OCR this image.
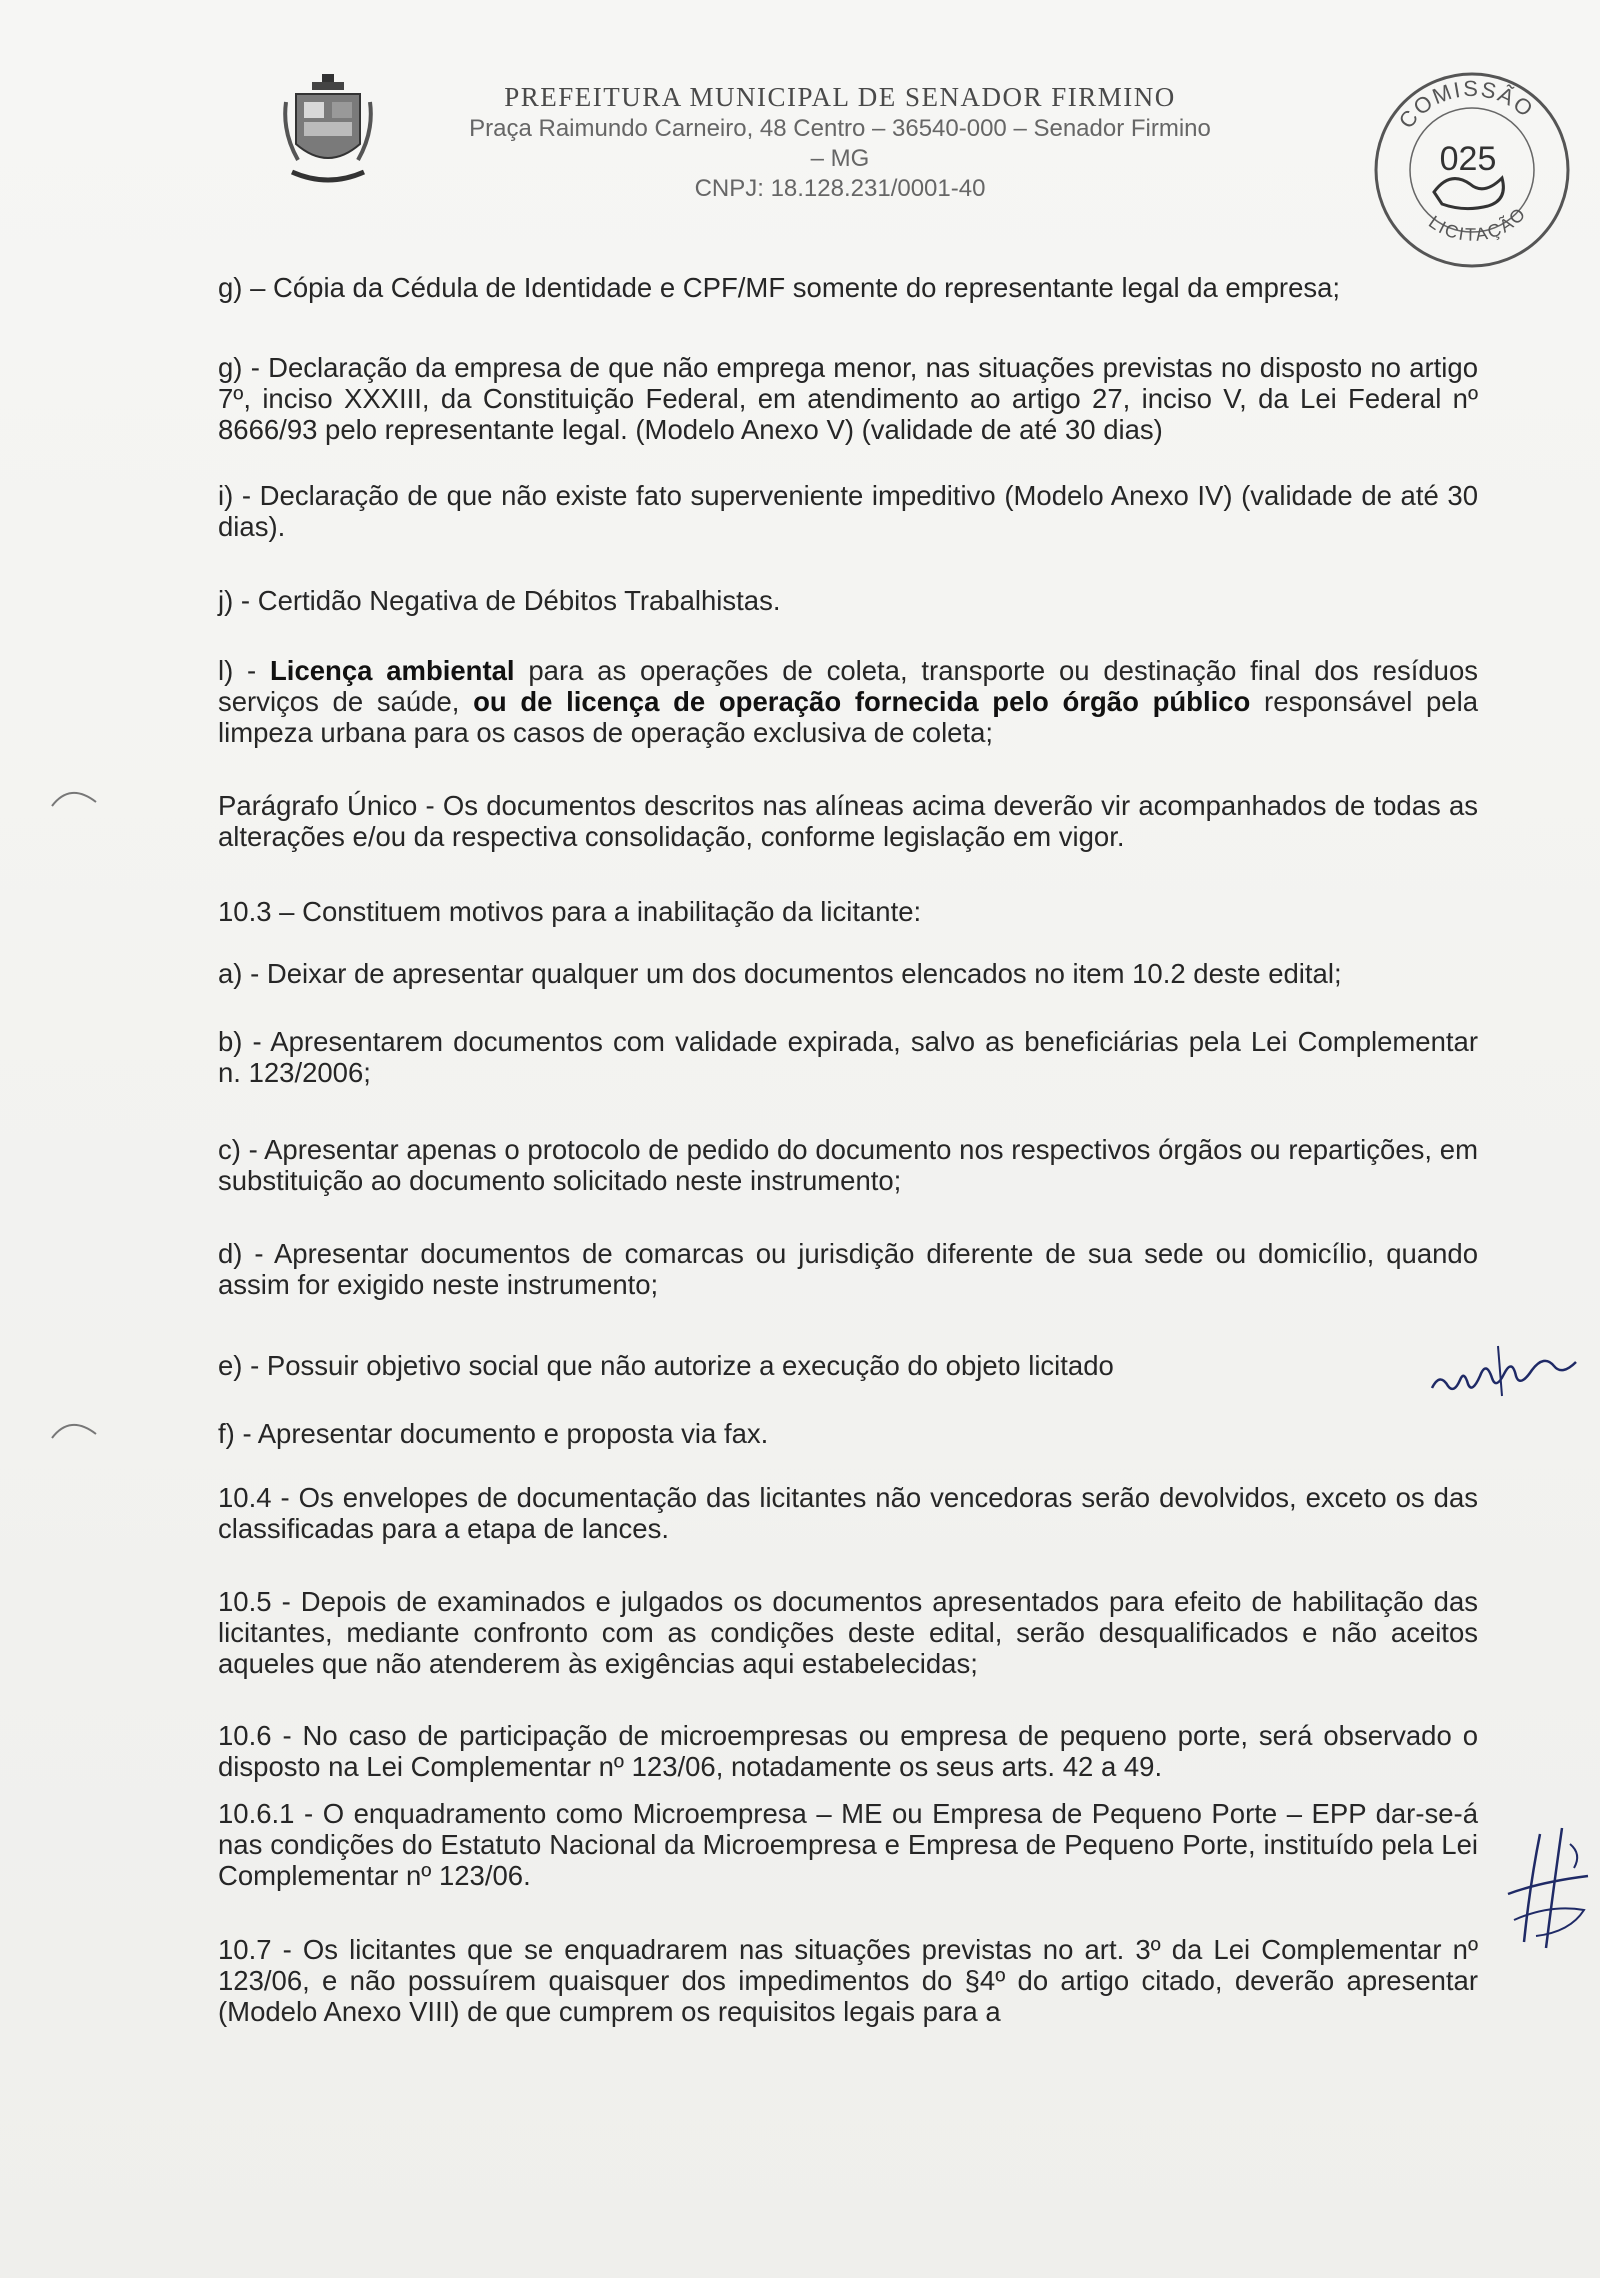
PREFEITURA MUNICIPAL DE SENADOR FIRMINO
Praça Raimundo Carneiro, 48 Centro – 36540-000 – Senador Firmino – MG
CNPJ: 18.128.231/0001-40
COMISSÃO
LICITAÇÃO
025
g) – Cópia da Cédula de Identidade e CPF/MF somente do representante legal da empresa;
g) - Declaração da empresa de que não emprega menor, nas situações previstas no disposto no artigo 7º, inciso XXXIII, da Constituição Federal, em atendimento ao artigo 27, inciso V, da Lei Federal nº 8666/93 pelo representante legal. (Modelo Anexo V) (validade de até 30 dias)
i) - Declaração de que não existe fato superveniente impeditivo (Modelo Anexo IV) (validade de até 30 dias).
j) - Certidão Negativa de Débitos Trabalhistas.
l) - Licença ambiental para as operações de coleta, transporte ou destinação final dos resíduos serviços de saúde, ou de licença de operação fornecida pelo órgão público responsável pela limpeza urbana para os casos de operação exclusiva de coleta;
Parágrafo Único - Os documentos descritos nas alíneas acima deverão vir acompanhados de todas as alterações e/ou da respectiva consolidação, conforme legislação em vigor.
10.3 – Constituem motivos para a inabilitação da licitante:
a) - Deixar de apresentar qualquer um dos documentos elencados no item 10.2 deste edital;
b) - Apresentarem documentos com validade expirada, salvo as beneficiárias pela Lei Complementar n. 123/2006;
c) - Apresentar apenas o protocolo de pedido do documento nos respectivos órgãos ou repartições, em substituição ao documento solicitado neste instrumento;
d) - Apresentar documentos de comarcas ou jurisdição diferente de sua sede ou domicílio, quando assim for exigido neste instrumento;
e) - Possuir objetivo social que não autorize a execução do objeto licitado
f) - Apresentar documento e proposta via fax.
10.4 - Os envelopes de documentação das licitantes não vencedoras serão devolvidos, exceto os das classificadas para a etapa de lances.
10.5 - Depois de examinados e julgados os documentos apresentados para efeito de habilitação das licitantes, mediante confronto com as condições deste edital, serão desqualificados e não aceitos aqueles que não atenderem às exigências aqui estabelecidas;
10.6 - No caso de participação de microempresas ou empresa de pequeno porte, será observado o disposto na Lei Complementar nº 123/06, notadamente os seus arts. 42 a 49.
10.6.1 - O enquadramento como Microempresa – ME ou Empresa de Pequeno Porte – EPP dar-se-á nas condições do Estatuto Nacional da Microempresa e Empresa de Pequeno Porte, instituído pela Lei Complementar nº 123/06.
10.7 - Os licitantes que se enquadrarem nas situações previstas no art. 3º da Lei Complementar nº 123/06, e não possuírem quaisquer dos impedimentos do §4º do artigo citado, deverão apresentar (Modelo Anexo VIII) de que cumprem os requisitos legais para a
